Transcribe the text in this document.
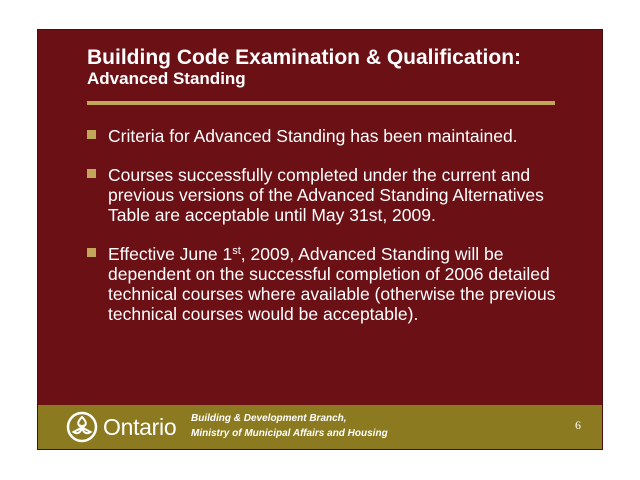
Building Code Examination & Qualification:
Advanced Standing
Criteria for Advanced Standing has been maintained.
Courses successfully completed under the current and previous versions of the Advanced Standing Alternatives Table are acceptable until May 31st, 2009.
Effective June 1st, 2009, Advanced Standing will be dependent on the successful completion of 2006 detailed technical courses where available (otherwise the previous technical courses would be acceptable).
Ontario Building & Development Branch,
Ministry of Municipal Affairs and Housing
6
